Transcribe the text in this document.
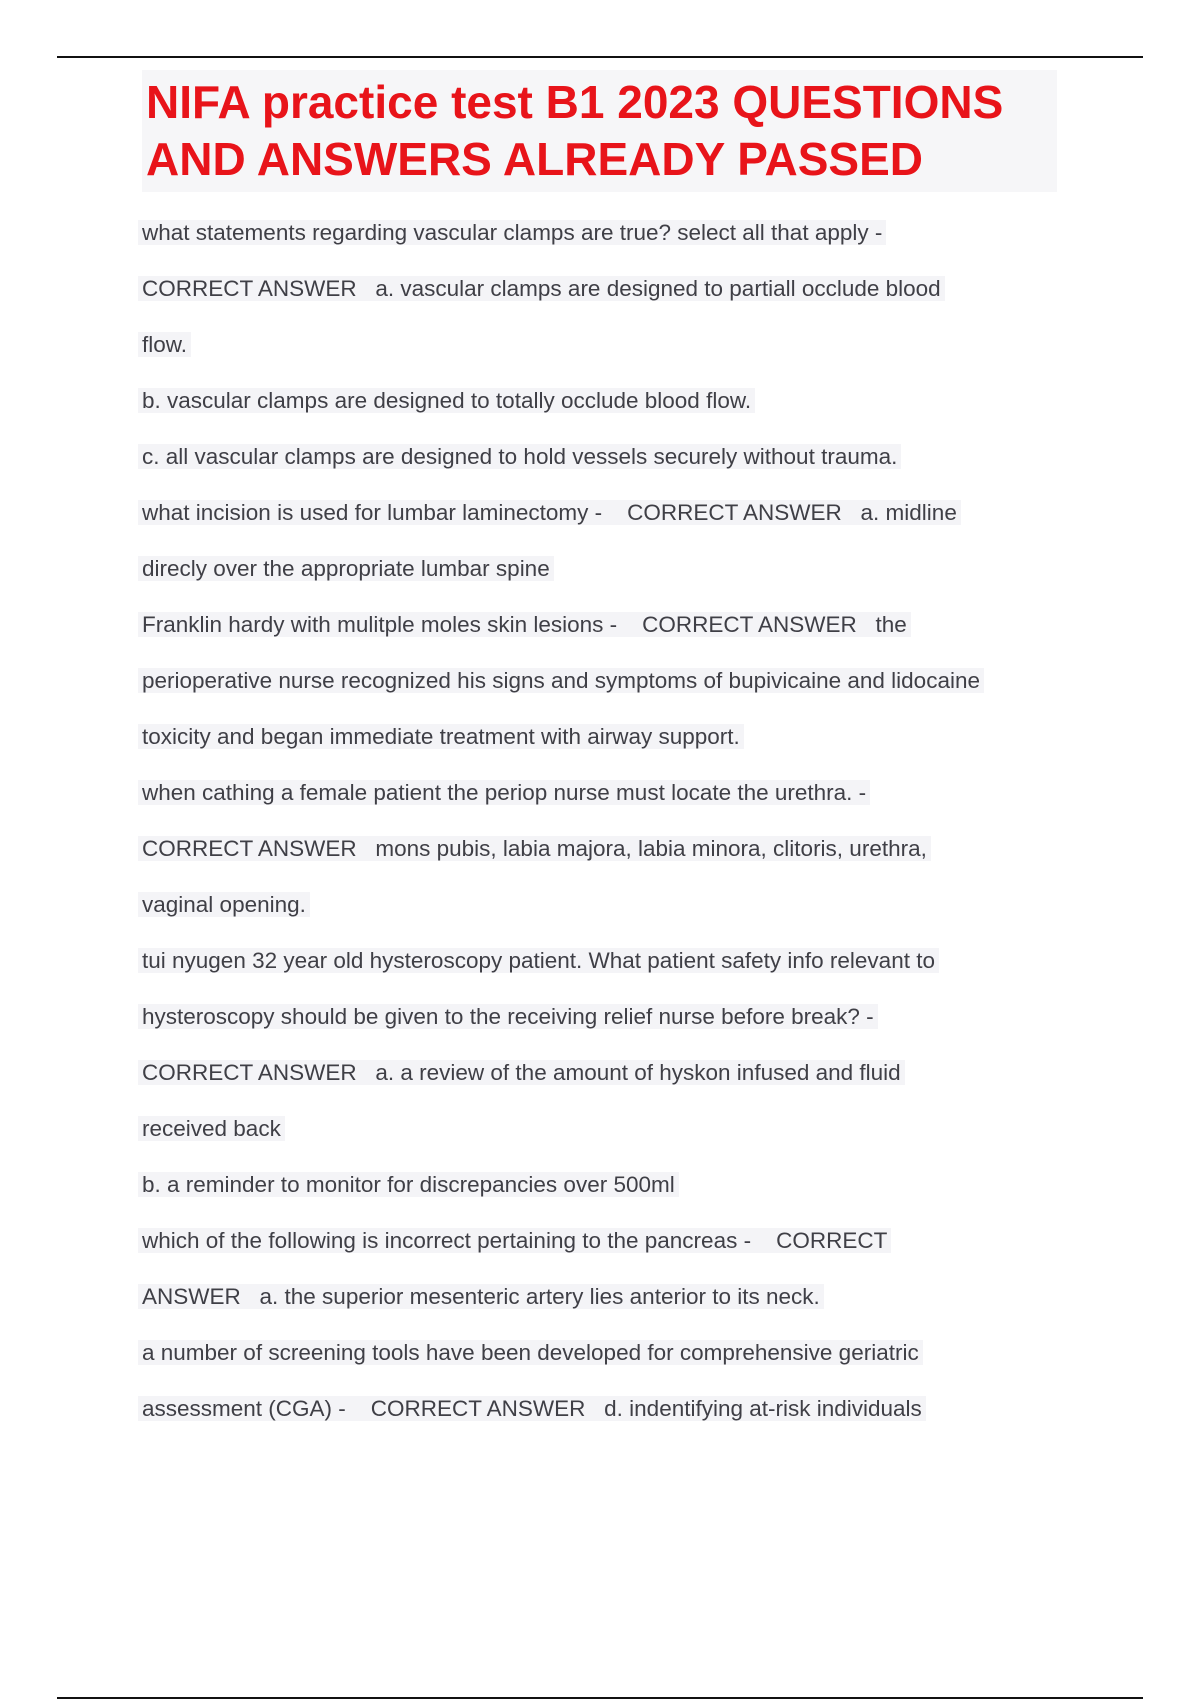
NIFA practice test B1 2023 QUESTIONS AND ANSWERS ALREADY PASSED
what statements regarding vascular clamps are true? select all that apply -
CORRECT ANSWER   a. vascular clamps are designed to partiall occlude blood
flow.
b. vascular clamps are designed to totally occlude blood flow.
c. all vascular clamps are designed to hold vessels securely without trauma.
what incision is used for lumbar laminectomy -    CORRECT ANSWER   a. midline
direcly over the appropriate lumbar spine
Franklin hardy with mulitple moles skin lesions -    CORRECT ANSWER   the
perioperative nurse recognized his signs and symptoms of bupivicaine and lidocaine
toxicity and began immediate treatment with airway support.
when cathing a female patient the periop nurse must locate the urethra. -
CORRECT ANSWER   mons pubis, labia majora, labia minora, clitoris, urethra,
vaginal opening.
tui nyugen 32 year old hysteroscopy patient. What patient safety info relevant to
hysteroscopy should be given to the receiving relief nurse before break? -
CORRECT ANSWER   a. a review of the amount of hyskon infused and fluid
received back
b. a reminder to monitor for discrepancies over 500ml
which of the following is incorrect pertaining to the pancreas -    CORRECT
ANSWER   a. the superior mesenteric artery lies anterior to its neck.
a number of screening tools have been developed for comprehensive geriatric
assessment (CGA) -    CORRECT ANSWER   d. indentifying at-risk individuals
